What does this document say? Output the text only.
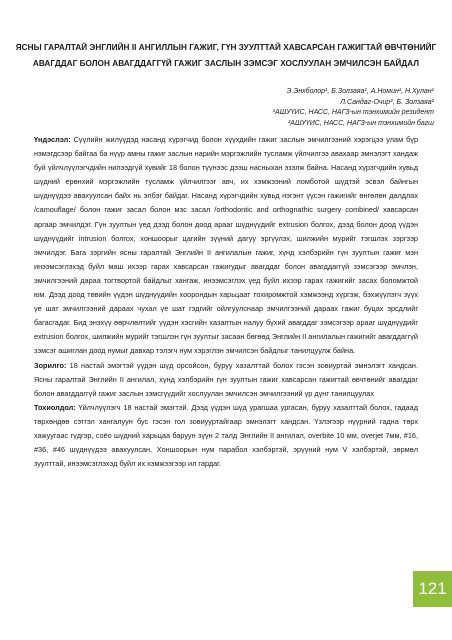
ЯСНЫ ГАРАЛТАЙ ЭНГЛИЙН II АНГИЛЛЫН ГАЖИГ, ГҮН ЗУУЛТТАЙ ХАВСАРСАН ГАЖИГТАЙ ӨВЧТӨНИЙГ АВАГДДАГ БОЛОН АВАГДДАГГҮЙ ГАЖИГ ЗАСЛЫН ЗЭМСЭГ ХОСЛУУЛАН ЭМЧИЛСЭН БАЙДАЛ
Э.Энхболор¹, Б.Золзаяа¹, А.Номин¹, Н.Хулан¹
Л.Сандаг-Очир², Б. Золзаяа²
¹АШУҮИС, НАСС, НАГЗ-ын тэнхимийн резидент
²АШУҮИС, НАСС, НАГЗ-ын тэнхимийн багш

Үндэслэл: Сүүлийн жилүүдэд насанд хүрэгчид болон хүүхдийн гажиг заслын эмчилгээний хэрэгцээ улам бүр нэмэгдсээр байгаа ба нүүр амны гажиг заслын нарийн мэргэжлийн тусламж үйлчилгээ авахаар эмнэлэгт хандаж буй үйлчлүүлэгчдийн нилээдгүй хувийг 18 болон түүнээс дээш насныхан эзэлж байна. Насанд хүрэгчдийн хувьд шүдний ерөнхий мэргэжлийн тусламж үйлчилгээг авч, их хэмжээний ломботой шүдтэй эсвэл байнгын шүднүүдээ авахуулсан байх нь элбэг байдаг. Насанд хүрэгчдийн хувьд нэгэнт үүсэн гажигийг өнгөлөн далдлах /camouflage/ болон гажиг засал болон мэс засал /orthodontic and orthognathic surgery combined/ хавсарсан аргаар эмчилдэг. Гүн зуултын үед дээд болон доод арааг шүднүүдийг extrusion болгох, дээд болон доод үүдэн шүднүүдийг intrusion болгох, хоншоорыг цагийн зүүний дагуу эргүүлэх, шилжийн мурийг тэгшлэх зэргээр эмчилдэг. Бага зэргийн ясны гаралтай Энглийн II ангилалын гажиг, хүнд хэлбэрийн гүн зуултын гажиг мэн инээмсэглэхэд буйл маш ихээр гарах хавсарсан гажигудыг авагддаг болон авагддаггүй зэмсэгээр эмчлэн, эмчилгээний дараа тогтвортой байдлыг хангаж, инээмсэглэх үед буйл ихээр гарах гажигийг засах боломжтой юм. Дээд доод төвийн үүдэн шүднүүдийн хоорондын харьцаат тохиромжтой хэмжээнд хүргэж, бэхжүүлэгч зүүх үе шат эмчилгээний дараах чухал үе шат гэдгийг ойлгуулснаар эмчилгээний дараах гажиг буцах эрсдлийг багасгадаг. Бид энэхүү өөрчлөлтийг үүдэн хэсгийн хазалтын налуу бүхий авагддаг зэмсэгээр арааг шүднүүдийг extrusion болгох, шилжийн мурийг тэгшлэн гүн зуултыг засаан бөгөөд Энглийн II ангилалын гажигийг авагддаггүй зэмсэг ашиглан доод нумыг давхар тэлэгч нум хэрэглэн эмчилсэн байдлыг танилцуулж байна.

Зорилго: 18 настай эмэгтэй үүдэн шүд орсойсон, буруу хазалттай болох гэсэн зовиуртай эмнэлэгт хандсан. Ясны гаралтай Энглийн II ангилал, хүнд хэлбэрийн гүн зуултын гажиг хавсарсан гажигтай өвчтөнийг авагддаг болон авагддаггүй гажиг заслын зэмсгүүдийг хослуулан эмчилсэн эмчилгээний үр дүнг танилцуулах

Тохиолдол: Үйлчлүүлэгч 18 настай эмэгтэй. Дээд үүдэн шүд урагшаа ургасан, буруу хазалттай болох, гадаад төрхөндөө сэтгэл хангалуун бус гэсэн гол зовиууртайгаар эмнэлэгт хандсан. Үзлэгээр нүүрний гадна төрх хажуугаас гүдгэр, соёо шүдний харьцаа баруун зүүн 2 талд Энглийн II ангилал, overbite 10 мм, overjet 7мм, #16, #36, #46 шүднүүдээ авахуулсан. Хоншоорын нум парабол хэлбэртэй, эрүүний нум V хэлбэртэй, зөрмөл зуулттай, инээмсэглэхэд буйл их хэмжээгээр ил гардаг.

121
